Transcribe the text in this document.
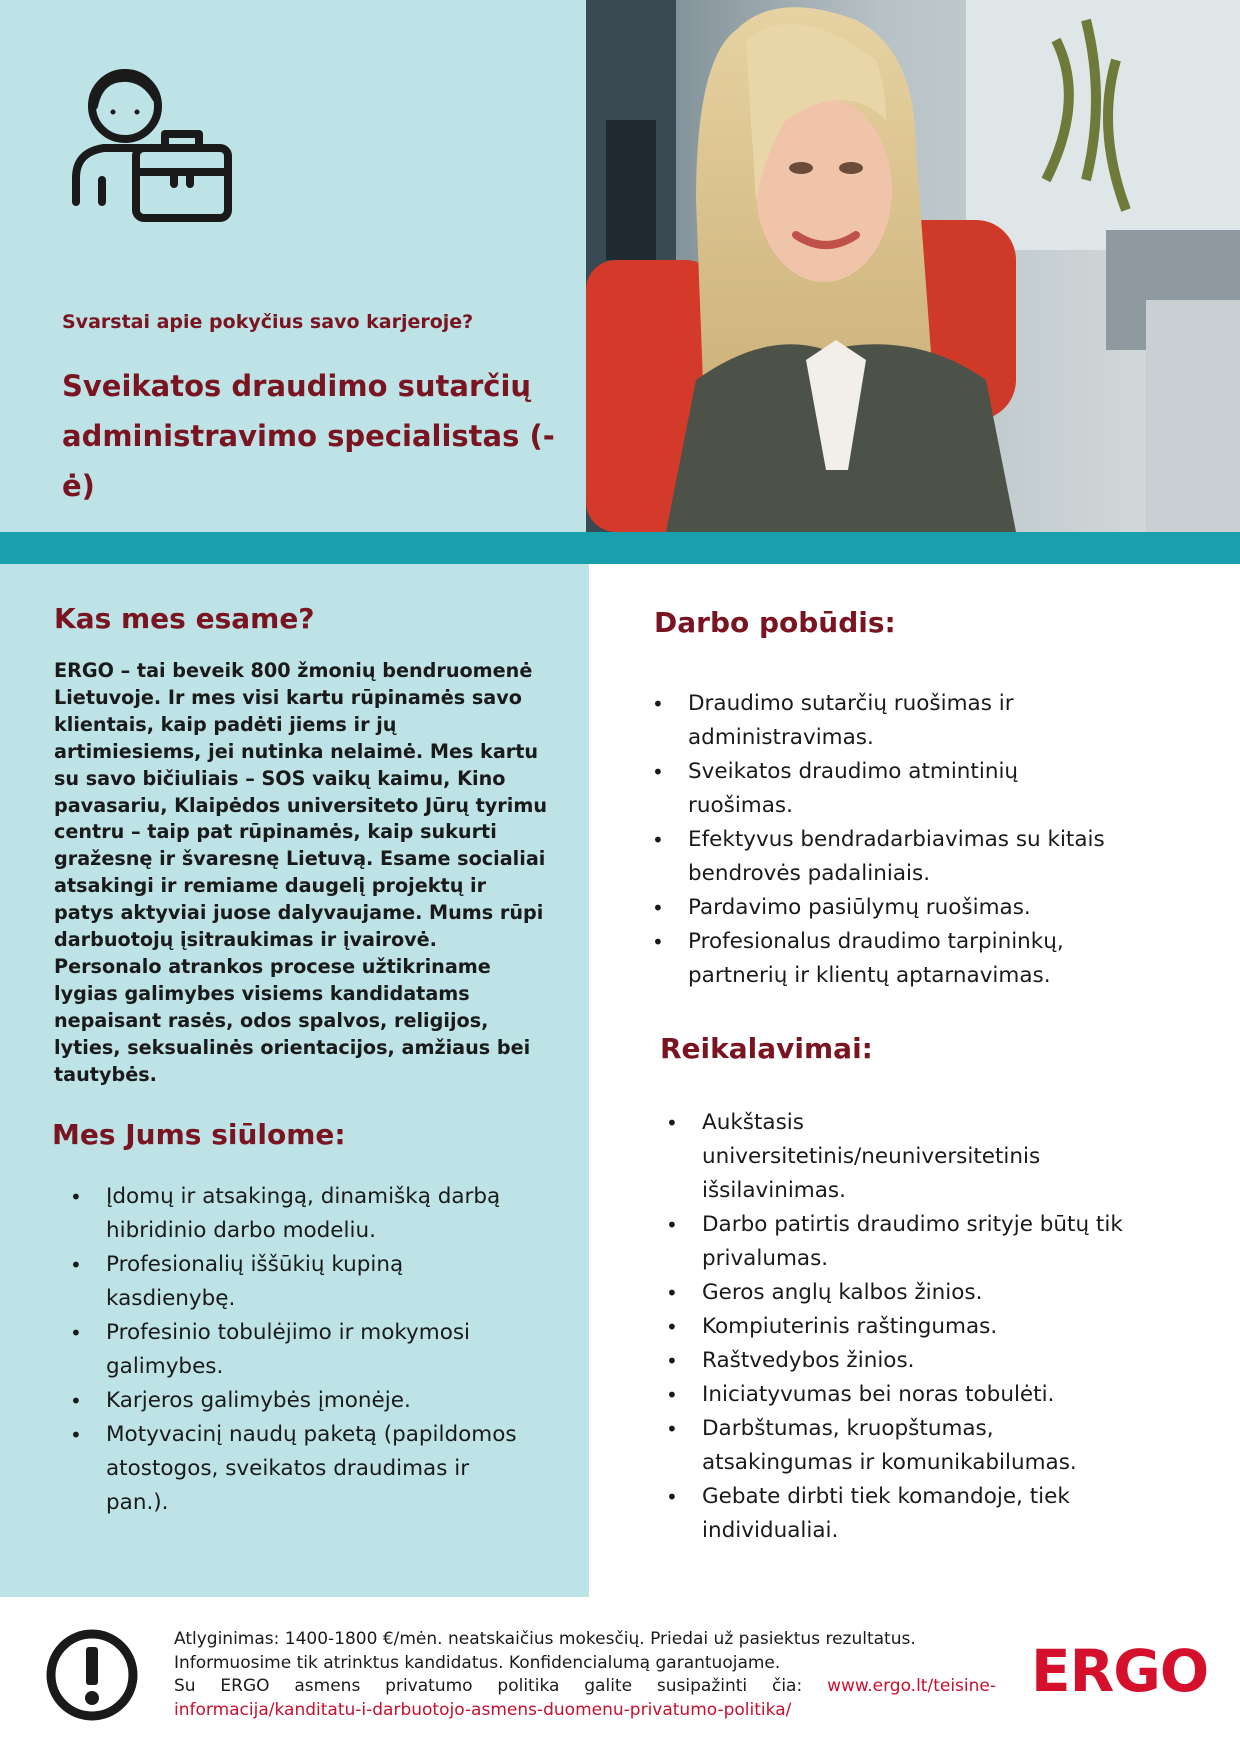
Svarstai apie pokyčius savo karjeroje?
Sveikatos draudimo sutarčių
administravimo specialistas (-ė)
Kas mes esame?
ERGO – tai beveik 800 žmonių bendruomenė Lietuvoje. Ir mes visi kartu rūpinamės savo klientais, kaip padėti jiems ir jų artimiesiems, jei nutinka nelaimė. Mes kartu su savo bičiuliais – SOS vaikų kaimu, Kino pavasariu, Klaipėdos universiteto Jūrų tyrimu centru – taip pat rūpinamės, kaip sukurti gražesnę ir švaresnę Lietuvą. Esame socialiai atsakingi ir remiame daugelį projektų ir patys aktyviai juose dalyvaujame. Mums rūpi darbuotojų įsitraukimas ir įvairovė. Personalo atrankos procese užtikriname lygias galimybes visiems kandidatams nepaisant rasės, odos spalvos, religijos, lyties, seksualinės orientacijos, amžiaus bei tautybės.
Mes Jums siūlome:
• Įdomų ir atsakingą, dinamišką darbą hibridinio darbo modeliu.
• Profesionalių iššūkių kupiną kasdienybę.
• Profesinio tobulėjimo ir mokymosi galimybes.
• Karjeros galimybės įmonėje.
• Motyvacinį naudų paketą (papildomos atostogos, sveikatos draudimas ir pan.).
Darbo pobūdis:
• Draudimo sutarčių ruošimas ir administravimas.
• Sveikatos draudimo atmintinių ruošimas.
• Efektyvus bendradarbiavimas su kitais bendrovės padaliniais.
• Pardavimo pasiūlymų ruošimas.
• Profesionalus draudimo tarpininkų, partnerių ir klientų aptarnavimas.
Reikalavimai:
• Aukštasis universitetinis/neuniversitetinis išsilavinimas.
• Darbo patirtis draudimo srityje būtų tik privalumas.
• Geros anglų kalbos žinios.
• Kompiuterinis raštingumas.
• Raštvedybos žinios.
• Iniciatyvumas bei noras tobulėti.
• Darbštumas, kruopštumas, atsakingumas ir komunikabilumas.
• Gebate dirbti tiek komandoje, tiek individualiai.
Atlyginimas: 1400-1800 €/mėn. neatskaičius mokesčių. Priedai už pasiektus rezultatus.
Informuosime tik atrinktus kandidatus. Konfidencialumą garantuojame.
Su ERGO asmens privatumo politika galite susipažinti čia: www.ergo.lt/teisine-informacija/kanditatu-i-darbuotojo-asmens-duomenu-privatumo-politika/
ERGO
